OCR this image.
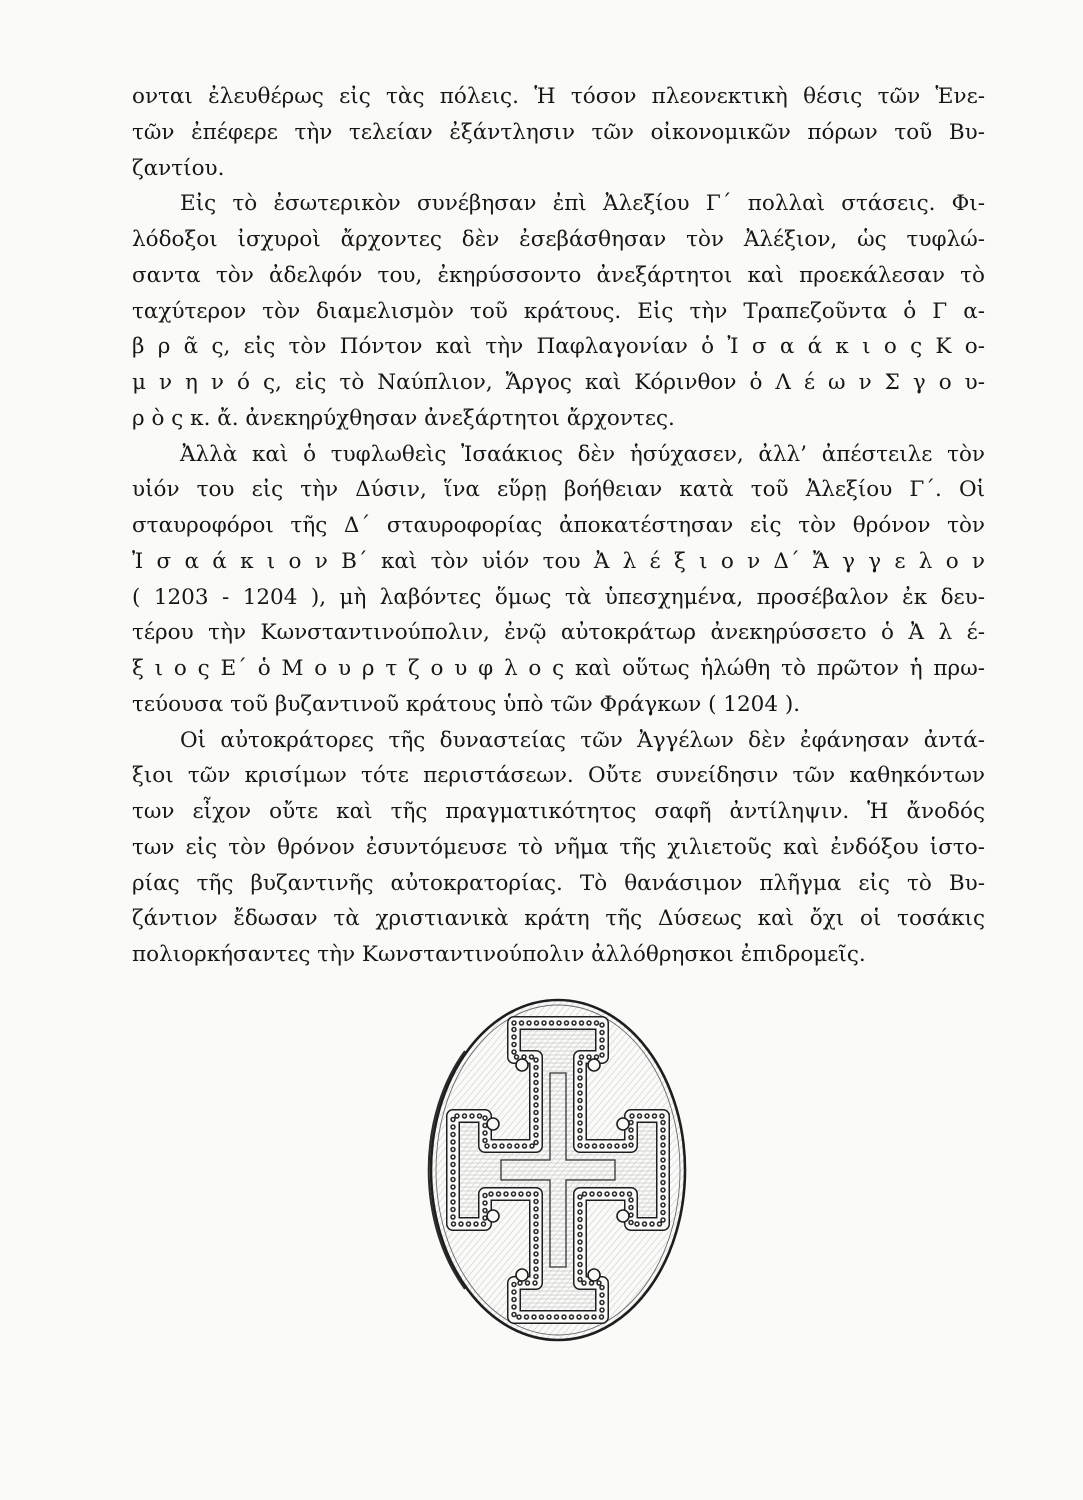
ονται ἐλευθέρως εἰς τὰς πόλεις. Ἡ τόσον πλεονεκτικὴ θέσις τῶν Ἑνε-
τῶν ἐπέφερε τὴν τελείαν ἐξάντλησιν τῶν οἰκονομικῶν πόρων τοῦ Βυ-
ζαντίου.
Εἰς τὸ ἐσωτερικὸν συνέβησαν ἐπὶ Ἀλεξίου Γ΄ πολλαὶ στάσεις. Φι-
λόδοξοι ἰσχυροὶ ἄρχοντες δὲν ἐσεβάσθησαν τὸν Ἀλέξιον, ὡς τυφλώ-
σαντα τὸν ἀδελφόν του, ἐκηρύσσοντο ἀνεξάρτητοι καὶ προεκάλεσαν τὸ
ταχύτερον τὸν διαμελισμὸν τοῦ κράτους. Εἰς τὴν Τραπεζοῦντα ὁ Γ α-
β ρ ᾶ ς, εἰς τὸν Πόντον καὶ τὴν Παφλαγονίαν ὁ Ἰ σ α ά κ ι ο ς Κ ο-
μ ν η ν ό ς, εἰς τὸ Ναύπλιον, Ἄργος καὶ Κόρινθον ὁ Λ έ ω ν Σ γ ο υ-
ρ ὸ ς κ. ἄ. ἀνεκηρύχθησαν ἀνεξάρτητοι ἄρχοντες.
Ἀλλὰ καὶ ὁ τυφλωθεὶς Ἰσαάκιος δὲν ἡσύχασεν, ἀλλ’ ἀπέστειλε τὸν
υἱόν του εἰς τὴν Δύσιν, ἵνα εὕρῃ βοήθειαν κατὰ τοῦ Ἀλεξίου Γ΄. Οἱ
σταυροφόροι τῆς Δ΄ σταυροφορίας ἀποκατέστησαν εἰς τὸν θρόνον τὸν
Ἰ σ α ά κ ι ο ν Β΄ καὶ τὸν υἱόν του Ἀ λ έ ξ ι ο ν Δ΄ Ἄ γ γ ε λ ο ν
( 1203 - 1204 ), μὴ λαβόντες ὅμως τὰ ὑπεσχημένα, προσέβαλον ἐκ δευ-
τέρου τὴν Κωνσταντινούπολιν, ἐνῷ αὐτοκράτωρ ἀνεκηρύσσετο ὁ Ἀ λ έ-
ξ ι ο ς Ε΄ ὁ Μ ο υ ρ τ ζ ο υ φ λ ο ς καὶ οὕτως ἡλώθη τὸ πρῶτον ἡ πρω-
τεύουσα τοῦ βυζαντινοῦ κράτους ὑπὸ τῶν Φράγκων ( 1204 ).
Οἱ αὐτοκράτορες τῆς δυναστείας τῶν Ἀγγέλων δὲν ἐφάνησαν ἀντά-
ξιοι τῶν κρισίμων τότε περιστάσεων. Οὔτε συνείδησιν τῶν καθηκόντων
των εἶχον οὔτε καὶ τῆς πραγματικότητος σαφῆ ἀντίληψιν. Ἡ ἄνοδός
των εἰς τὸν θρόνον ἐσυντόμευσε τὸ νῆμα τῆς χιλιετοῦς καὶ ἐνδόξου ἱστο-
ρίας τῆς βυζαντινῆς αὐτοκρατορίας. Τὸ θανάσιμον πλῆγμα εἰς τὸ Βυ-
ζάντιον ἔδωσαν τὰ χριστιανικὰ κράτη τῆς Δύσεως καὶ ὄχι οἱ τοσάκις
πολιορκήσαντες τὴν Κωνσταντινούπολιν ἀλλόθρησκοι ἐπιδρομεῖς.
